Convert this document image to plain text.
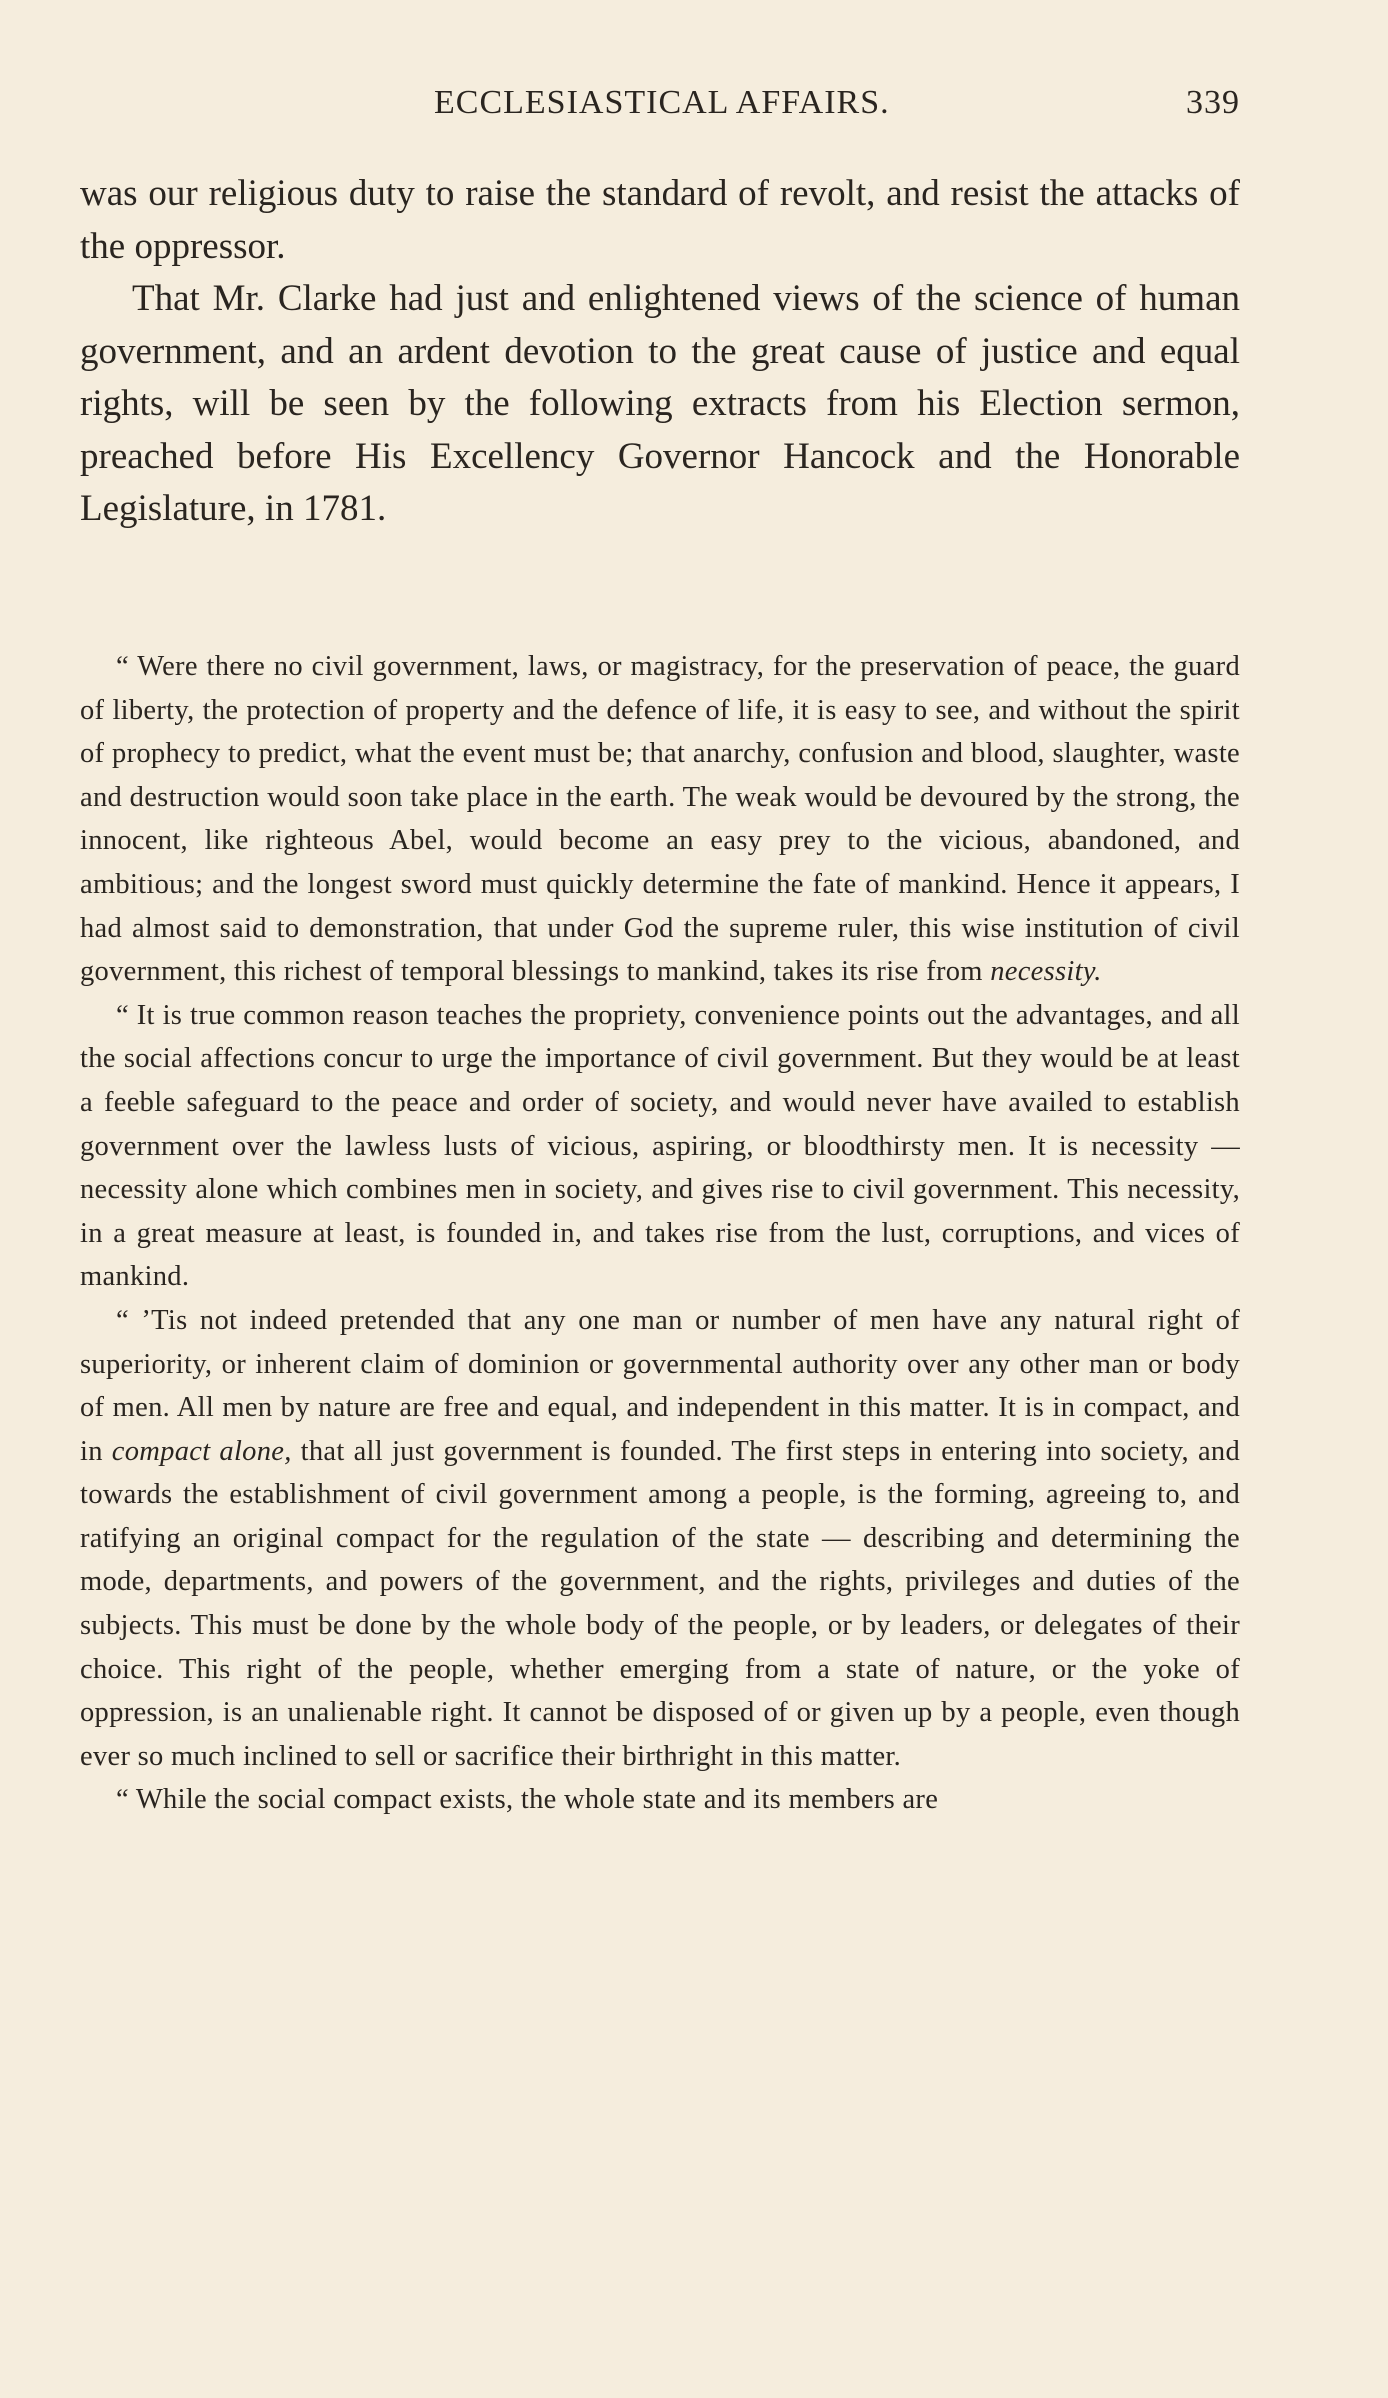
ECCLESIASTICAL AFFAIRS.	339

was our religious duty to raise the standard of revolt, and resist the attacks of the oppressor.

That Mr. Clarke had just and enlightened views of the science of human government, and an ardent devotion to the great cause of justice and equal rights, will be seen by the following extracts from his Election sermon, preached before His Excellency Governor Hancock and the Honorable Legislature, in 1781.

“ Were there no civil government, laws, or magistracy, for the preservation of peace, the guard of liberty, the protection of property and the defence of life, it is easy to see, and without the spirit of prophecy to predict, what the event must be; that anarchy, confusion and blood, slaughter, waste and destruction would soon take place in the earth. The weak would be devoured by the strong, the innocent, like righteous Abel, would become an easy prey to the vicious, abandoned, and ambitious; and the longest sword must quickly determine the fate of mankind. Hence it appears, I had almost said to demonstration, that under God the supreme ruler, this wise institution of civil government, this richest of temporal blessings to mankind, takes its rise from necessity.

“ It is true common reason teaches the propriety, convenience points out the advantages, and all the social affections concur to urge the importance of civil government. But they would be at least a feeble safeguard to the peace and order of society, and would never have availed to establish government over the lawless lusts of vicious, aspiring, or bloodthirsty men. It is necessity — necessity alone which combines men in society, and gives rise to civil government. This necessity, in a great measure at least, is founded in, and takes rise from the lust, corruptions, and vices of mankind.

“ ’Tis not indeed pretended that any one man or number of men have any natural right of superiority, or inherent claim of dominion or governmental authority over any other man or body of men. All men by nature are free and equal, and independent in this matter. It is in compact, and in compact alone, that all just government is founded. The first steps in entering into society, and towards the establishment of civil government among a people, is the forming, agreeing to, and ratifying an original compact for the regulation of the state — describing and determining the mode, departments, and powers of the government, and the rights, privileges and duties of the subjects. This must be done by the whole body of the people, or by leaders, or delegates of their choice. This right of the people, whether emerging from a state of nature, or the yoke of oppression, is an unalienable right. It cannot be disposed of or given up by a people, even though ever so much inclined to sell or sacrifice their birthright in this matter.

“ While the social compact exists, the whole state and its members are
